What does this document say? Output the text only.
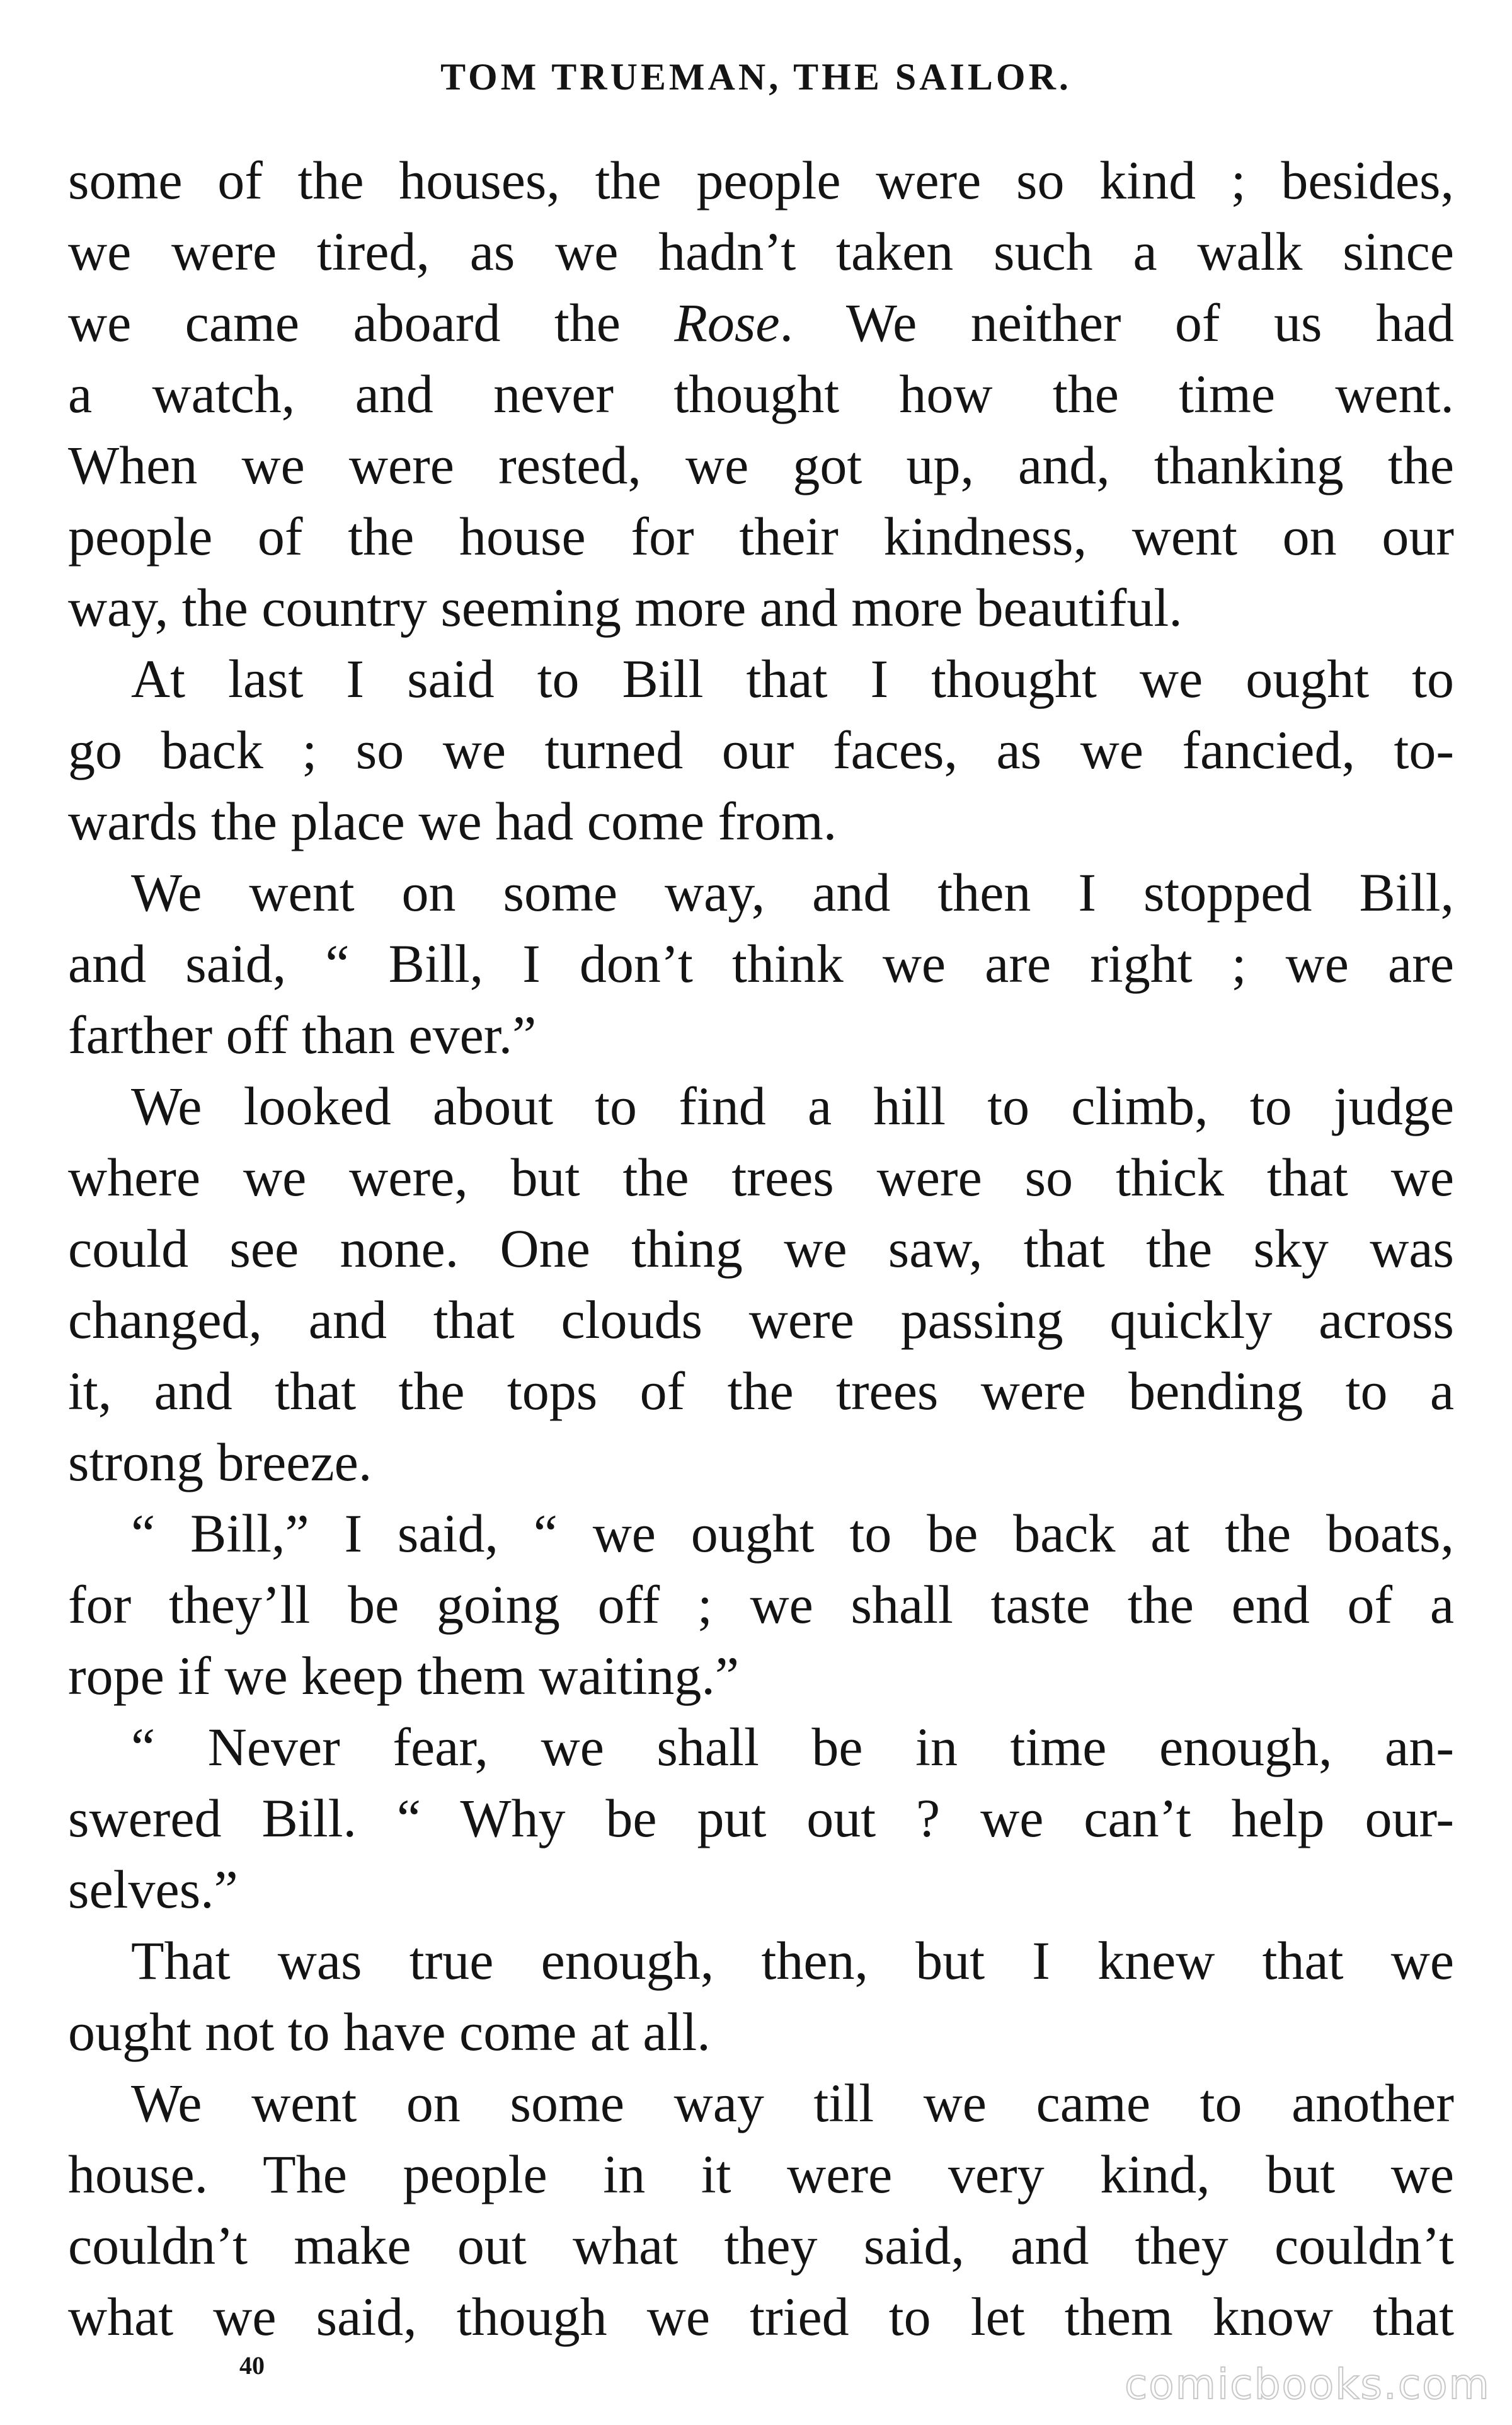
TOM TRUEMAN, THE SAILOR.
some of the houses, the people were so kind ; besides,
we were tired, as we hadn’t taken such a walk since
we came aboard the Rose. We neither of us had
a watch, and never thought how the time went.
When we were rested, we got up, and, thanking the
people of the house for their kindness, went on our
way, the country seeming more and more beautiful.
At last I said to Bill that I thought we ought to
go back ; so we turned our faces, as we fancied, to-
wards the place we had come from.
We went on some way, and then I stopped Bill,
and said, “ Bill, I don’t think we are right ; we are
farther off than ever.”
We looked about to find a hill to climb, to judge
where we were, but the trees were so thick that we
could see none. One thing we saw, that the sky was
changed, and that clouds were passing quickly across
it, and that the tops of the trees were bending to a
strong breeze.
“ Bill,” I said, “ we ought to be back at the boats,
for they’ll be going off ; we shall taste the end of a
rope if we keep them waiting.”
“ Never fear, we shall be in time enough, an-
swered Bill. “ Why be put out ? we can’t help our-
selves.”
That was true enough, then, but I knew that we
ought not to have come at all.
We went on some way till we came to another
house. The people in it were very kind, but we
couldn’t make out what they said, and they couldn’t
what we said, though we tried to let them know that
40	comicbooks.com
